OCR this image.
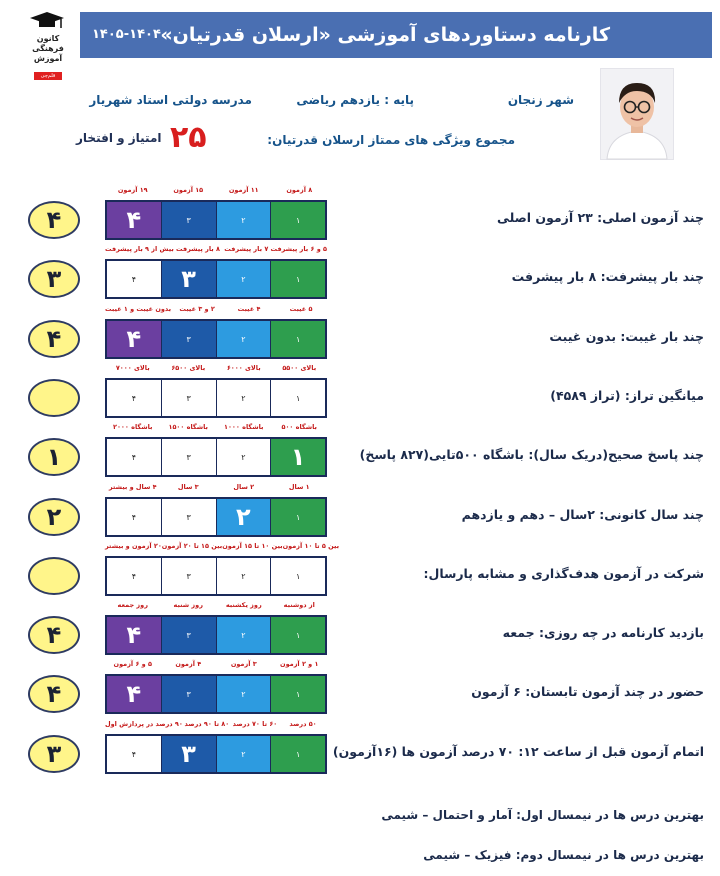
کانون
فرهنگی
آموزش
قلم‌چی
کارنامه دستاوردهای آموزشی «ارسلان قدرتیان»
۱۴۰۵-۱۴۰۴
شهر زنجان
پایه : یازدهم ریاضی
مدرسه دولتی استاد شهریار
مجموع ویژگی های ممتاز ارسلان قدرتیان:
۲۵
امتیاز و افتخار
۱۹ آزمون	۱۵ آزمون	۱۱ آزمون	۸ آزمون
۴	۳	۲	۱
۴	چند آزمون اصلی: ۲۳ آزمون اصلی
بیش از ۹ بار پیشرفت ۸ بار پیشرفت ۷ بار پیشرفت ۵ و ۶ بار پیشرفت
۴	۳	۲	۱
۳	چند بار پیشرفت: ۸ بار پیشرفت
بدون غیبت و ۱ غیبت	۲ و ۳ غیبت	۴ غیبت	۵ غیبت
۴	۳	۲	۱
۴	چند بار غیبت: بدون غیبت
بالای ۷۰۰۰	بالای ۶۵۰۰	بالای ۶۰۰۰	بالای ۵۵۰۰
۴	۳	۲	۱	میانگین تراز: (تراز ۴۵۸۹)
باشگاه ۲۰۰۰	باشگاه ۱۵۰۰	باشگاه ۱۰۰۰	باشگاه ۵۰۰
۴	۳	۲	۱
۱	چند پاسخ صحیح(دریک سال): باشگاه ۵۰۰تایی(۸۲۷ پاسخ)
۴ سال و بیشتر	۳ سال	۲ سال	۱ سال
۴	۳	۲	۱
۲	چند سال کانونی: ۲سال – دهم و یازدهم
۲۰ آزمون و بیشتر بین ۱۵ تا ۲۰ آزمون بین ۱۰ تا ۱۵ آزمون بین ۵ تا ۱۰ آزمون
۴	۳	۲	۱	شرکت در آزمون هدف‌گذاری و مشابه پارسال:
روز جمعه	روز شنبه	روز یکشنبه	از دوشنبه
۴	۳	۲	۱
۴	بازدید کارنامه در چه روزی: جمعه
۵ و ۶ آزمون	۴ آزمون	۳ آزمون	۱ و ۲ آزمون
۴	۳	۲	۱
۴	حضور در چند آزمون تابستان: ۶ آزمون
۹۰ درصد در پردازش اول ۸۰ تا ۹۰ درصد ۶۰ تا ۷۰ درصد	۵۰ درصد
۴	۳	۲	۱
۳	اتمام آزمون قبل از ساعت ۱۲: ۷۰ درصد آزمون ها (۱۶آزمون)
بهترین درس ها در نیمسال اول: آمار و احتمال – شیمی
بهترین درس ها در نیمسال دوم: فیزیک – شیمی
